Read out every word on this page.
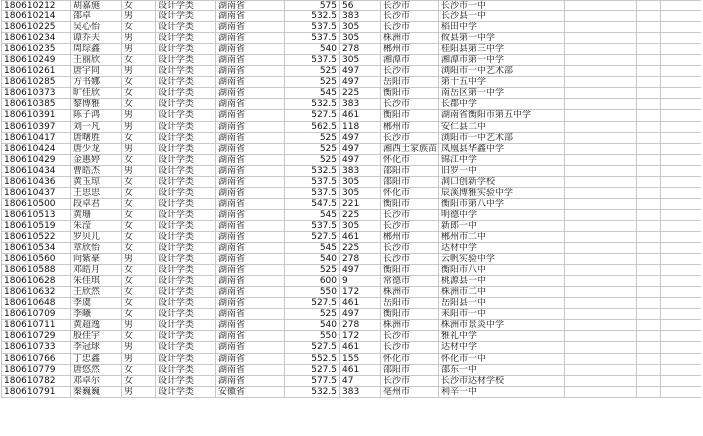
180610212	胡嘉施	女	设计学类	湖南省	575 56	长沙市	长沙市一中
180610214	邵卓	男	设计学类	湖南省	532.5 383	长沙市	长沙县一中
180610225	吴心怡	女	设计学类	湖南省	537.5 305	长沙市	稻田中学
180610234	谭乔夫	男	设计学类	湖南省	537.5 305	株洲市	攸县第一中学
180610235	周琮鑫	男	设计学类	湖南省	540 278	郴州市	桂阳县第三中学
180610249	王丽欣	女	设计学类	湖南省	537.5 305	湘潭市	湘潭市第一中学
180610261	唐宇同	男	设计学类	湖南省	525 497	长沙市	浏阳市一中艺术部
180610285	方书娜	女	设计学类	湖南省	525 497	岳阳市	第十五中学
180610373	旷佳欣	女	设计学类	湖南省	545 225	衡阳市	南岳区第一中学
180610385	黎博雅	女	设计学类	湖南省	532.5 383	长沙市	长郡中学
180610391	陈子鸿	男	设计学类	湖南省	527.5 461	衡阳市	湖南省衡阳市第五中学
180610397	刘一凡	男	设计学类	湖南省	562.5 118	郴州市	安仁县二中
180610417	唐曙胜	女	设计学类	湖南省	525 497	长沙市	浏阳市一中艺术部
180610424	唐少龙	男	设计学类	湖南省	525 497	湘西土家族苗 凤凰县华鑫中学
180610429	金惠婷	女	设计学类	湖南省	525 497	怀化市	锦江中学
180610434	曹皓杰	男	设计学类	湖南省	532.5 383	邵阳市	旧罗一中
180610436	黄玉琼	女	设计学类	湖南省	537.5 305	邵阳市	洞口创新学校
180610437	王思思	女	设计学类	湖南省	537.5 305	怀化市	辰溪博雅实验中学
180610500	段卓君	女	设计学类	湖南省	547.5 221	衡阳市	衡阳市第八中学
180610513	黄珊	女	设计学类	湖南省	545 225	长沙市	明德中学
180610519	朱滢	女	设计学类	湖南省	537.5 305	长沙市	新郎一中
180610522	罗贝儿	女	设计学类	湖南省	527.5 461	郴州市	郴州市二中
180610534	章欣怡	女	设计学类	湖南省	545 225	长沙市	达材中学
180610560	向紫豪	男	设计学类	湖南省	540 278	长沙市	云帆实验中学
180610588	邓皓月	女	设计学类	湖南省	525 497	衡阳市	衡阳市八中
180610628	朱佳琪	女	设计学类	湖南省	600 9	常德市	桃源县一中
180610632	王欣然	女	设计学类	湖南省	550 172	株洲市	株洲市二中
180610648	李虞	女	设计学类	湖南省	527.5 461	岳阳市	岳阳县一中
180610709	李曦	女	设计学类	湖南省	525 497	衡阳市	耒阳市一中
180610711	黄超逸	男	设计学类	湖南省	540 278	株洲市	株洲市景炎中学
180610729	殷佳宇	女	设计学类	湖南省	550 172	长沙市	雅礼中学
180610733	李冠球	男	设计学类	湖南省	527.5 461	长沙市	达材中学
180610766	丁忠鑫	男	设计学类	湖南省	552.5 155	怀化市	怀化市一中
180610779	唐悠然	女	设计学类	湖南省	527.5 461	邵阳市	邵东一中
180610782	邓卓尔	女	设计学类	湖南省	577.5 47	长沙市	长沙市达材学校
180610791	秦巍巍	男	设计学类	安徽省	532.5 383	亳州市	利辛一中
